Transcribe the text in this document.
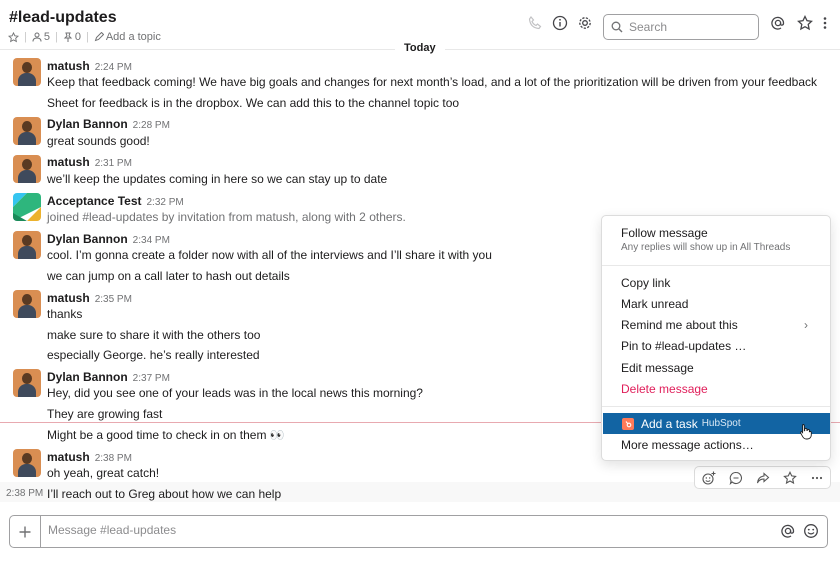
#lead-updates
| 5 | 0 | Add a topic
Search
Today
matush 2:24 PM
Keep that feedback coming! We have big goals and changes for next month’s load, and a lot of the prioritization will be driven from your feedback
Sheet for feedback is in the dropbox. We can add this to the channel topic too
Dylan Bannon 2:28 PM
great sounds good!
matush 2:31 PM
we’ll keep the updates coming in here so we can stay up to date
Acceptance Test 2:32 PM
joined #lead-updates by invitation from matush, along with 2 others.
Dylan Bannon 2:34 PM
cool. I’m gonna create a folder now with all of the interviews and I’ll share it with you
we can jump on a call later to hash out details
matush 2:35 PM
thanks
make sure to share it with the others too
especially George. he’s really interested
Dylan Bannon 2:37 PM
Hey, did you see one of your leads was in the local news this morning?
They are growing fast
Might be a good time to check in on them 👀
matush 2:38 PM
oh yeah, great catch!
2:38 PM I’ll reach out to Greg about how we can help
Follow message
Any replies will show up in All Threads
Copy link
Mark unread
Remind me about this	›
Pin to #lead-updates …
Edit message
Delete message
Add a task HubSpot
More message actions…
Message #lead-updates
